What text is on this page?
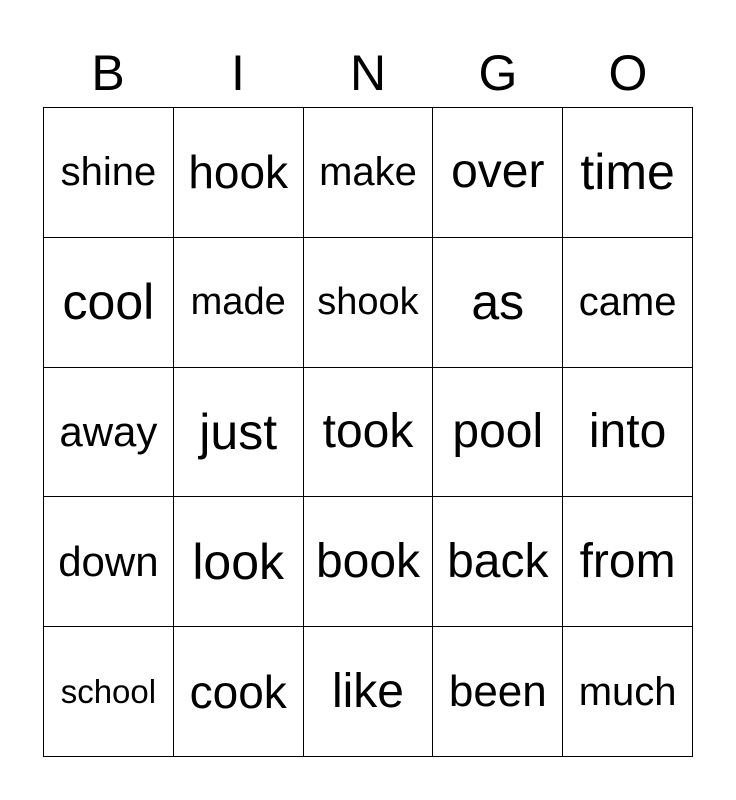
B	I	N	G	O
shine hook make over time
cool made shook	as	came
away just took pool into
down look book back from
school cook like	been much
